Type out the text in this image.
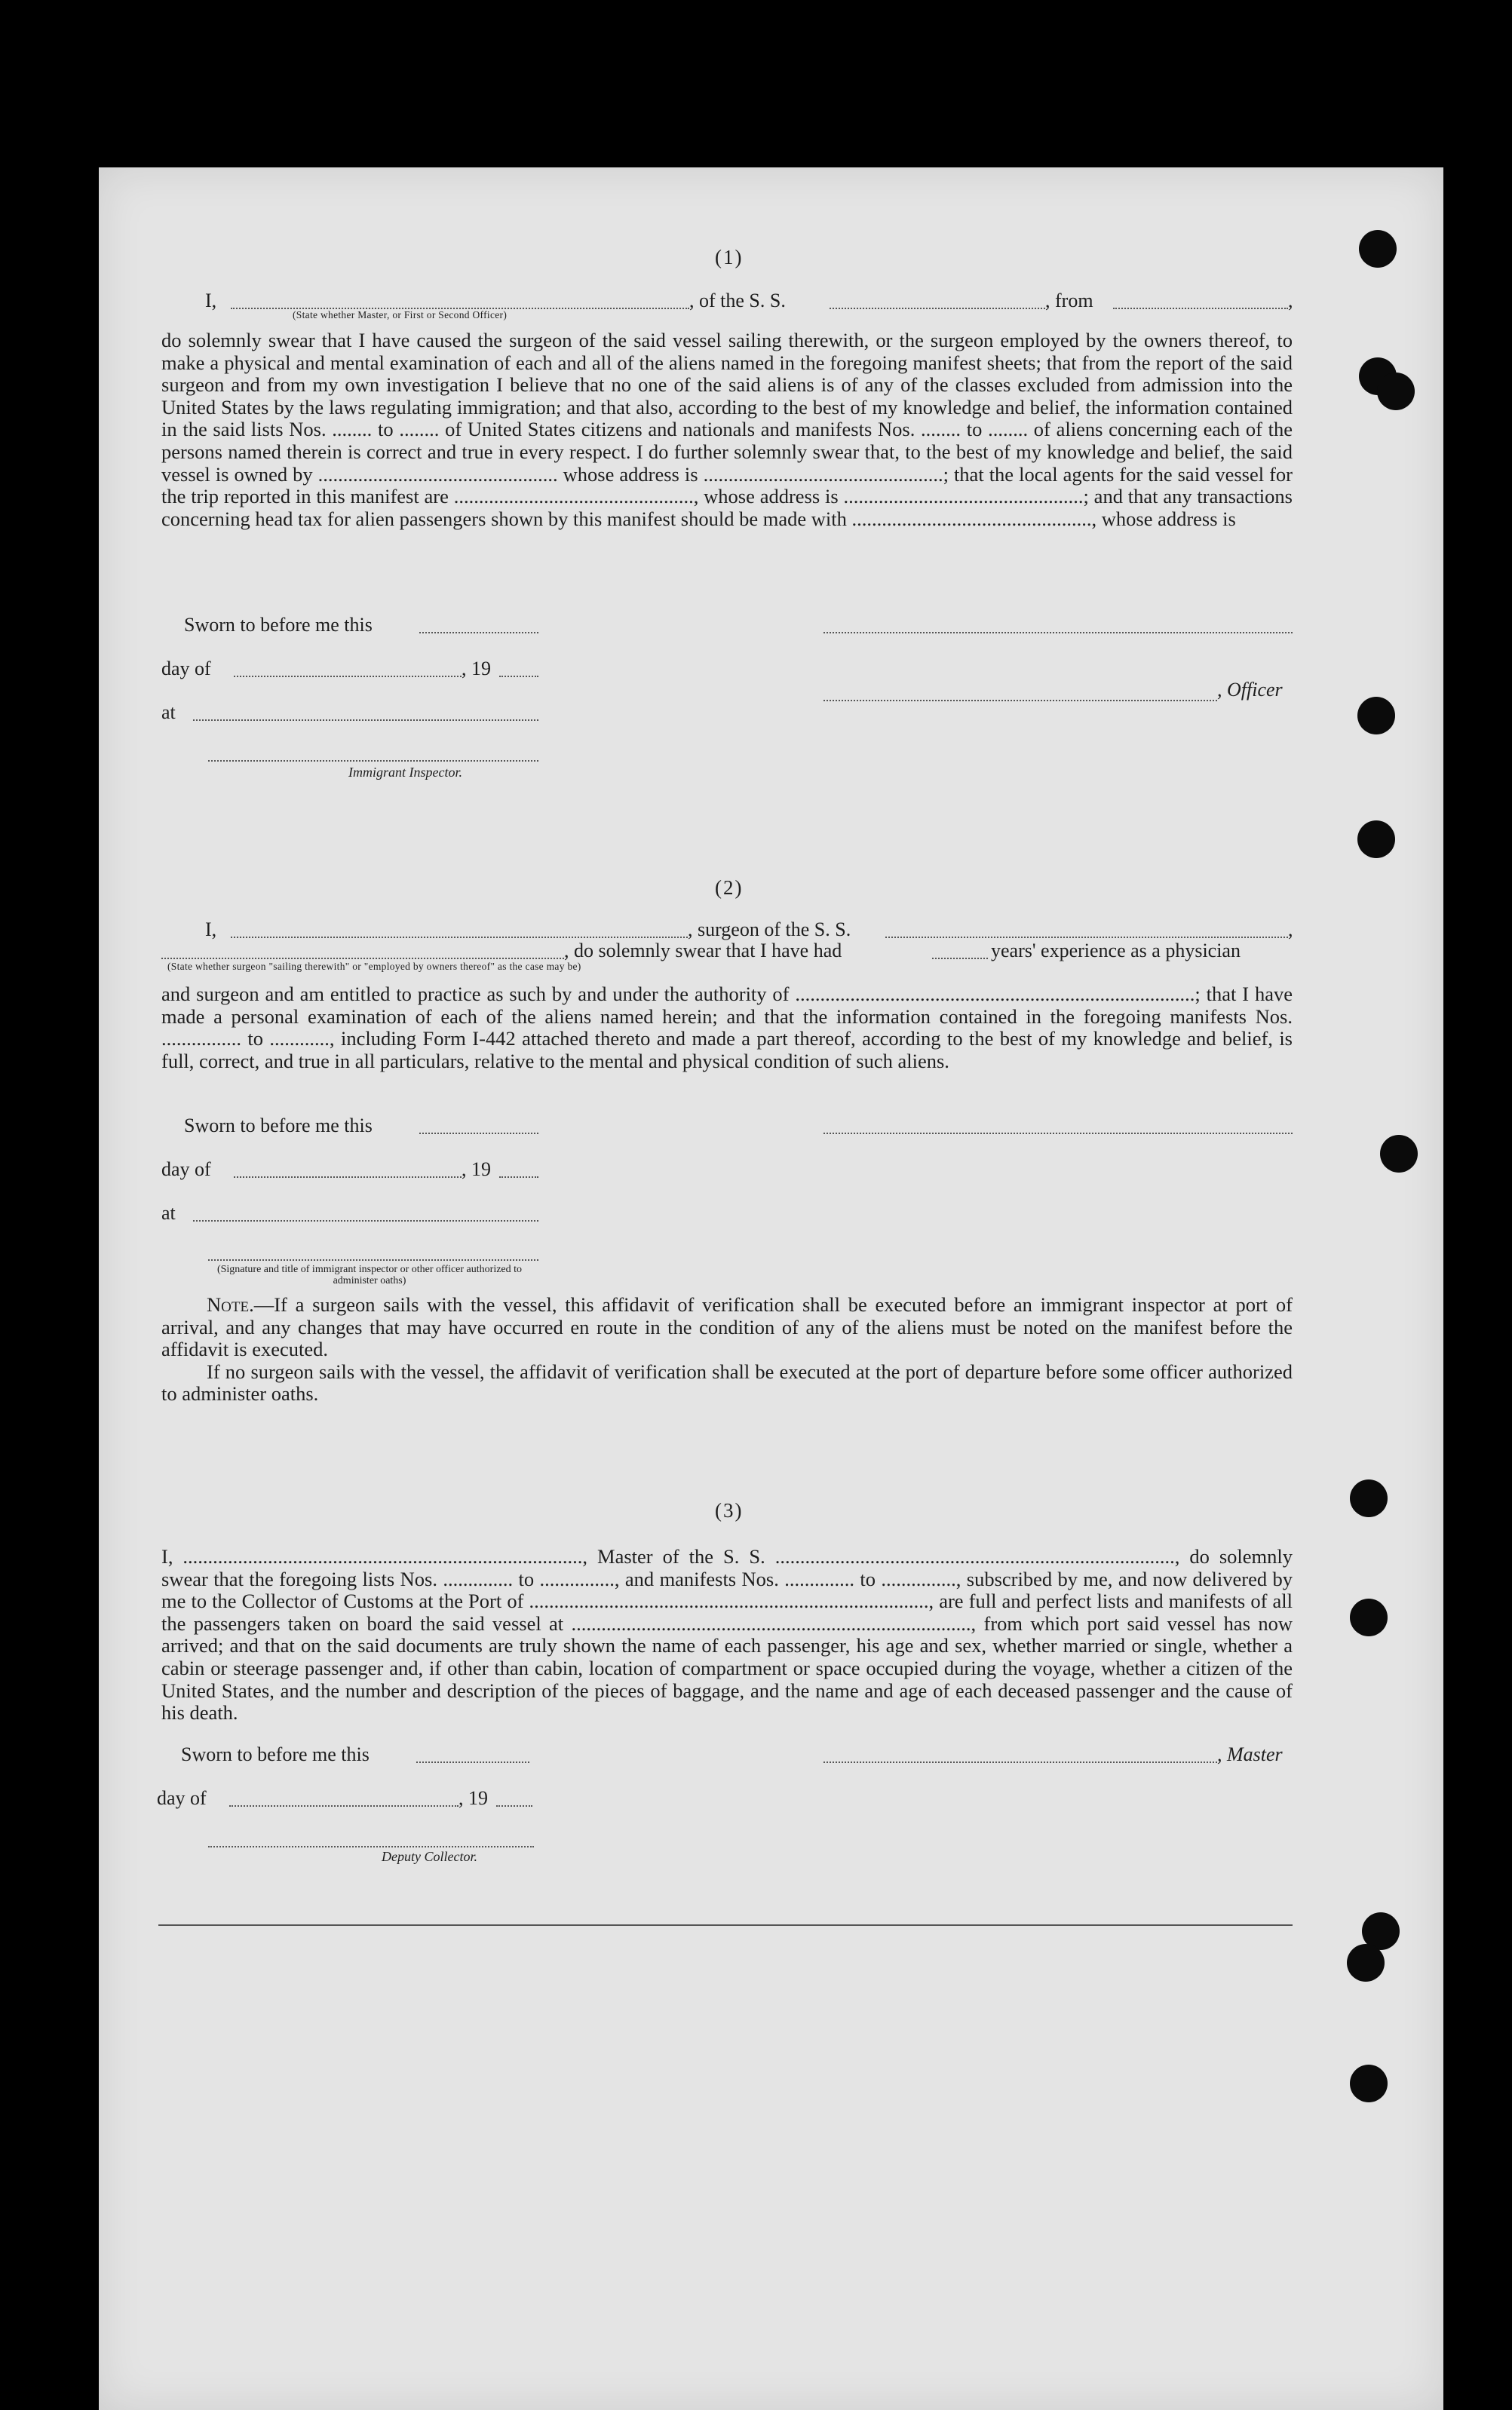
(1)
I,	, of the S. S.	, from	,
(State whether Master, or First or Second Officer)
do solemnly swear that I have caused the surgeon of the said vessel sailing therewith, or the surgeon employed by the owners thereof, to make a physical and mental examination of each and all of the aliens named in the foregoing manifest sheets; that from the report of the said surgeon and from my own investigation I believe that no one of the said aliens is of any of the classes excluded from admission into the United States by the laws regulating immigration; and that also, according to the best of my knowledge and belief, the information contained in the said lists Nos. ........ to ........ of United States citizens and nationals and manifests Nos. ........ to ........ of aliens concerning each of the persons named therein is correct and true in every respect. I do further solemnly swear that, to the best of my knowledge and belief, the said vessel is owned by ................................................ whose address is ................................................; that the local agents for the said vessel for the trip reported in this manifest are ................................................, whose address is ................................................; and that any transactions concerning head tax for alien passengers shown by this manifest should be made with ................................................, whose address is
Sworn to before me this
day of	, 19
, Officer
at
Immigrant Inspector.
(2)
I,	, surgeon of the S. S.	,
, do solemnly swear that I have had	years' experience as a physician
(State whether surgeon "sailing therewith" or "employed by owners thereof" as the case may be)
and surgeon and am entitled to practice as such by and under the authority of ................................................................................; that I have made a personal examination of each of the aliens named herein; and that the information contained in the foregoing manifests Nos. ................ to ............, including Form I-442 attached thereto and made a part thereof, according to the best of my knowledge and belief, is full, correct, and true in all particulars, relative to the mental and physical condition of such aliens.
Sworn to before me this
day of	, 19
at
(Signature and title of immigrant inspector or other officer authorized to administer oaths)
Note.—If a surgeon sails with the vessel, this affidavit of verification shall be executed before an immigrant inspector at port of arrival, and any changes that may have occurred en route in the condition of any of the aliens must be noted on the manifest before the affidavit is executed.
If no surgeon sails with the vessel, the affidavit of verification shall be executed at the port of departure before some officer authorized to administer oaths.
(3)
I, ................................................................................, Master of the S. S. ................................................................................, do solemnly swear that the foregoing lists Nos. .............. to ..............., and manifests Nos. .............. to ..............., subscribed by me, and now delivered by me to the Collector of Customs at the Port of ................................................................................, are full and perfect lists and manifests of all the passengers taken on board the said vessel at ................................................................................, from which port said vessel has now arrived; and that on the said documents are truly shown the name of each passenger, his age and sex, whether married or single, whether a cabin or steerage passenger and, if other than cabin, location of compartment or space occupied during the voyage, whether a citizen of the United States, and the number and description of the pieces of baggage, and the name and age of each deceased passenger and the cause of his death.
Sworn to before me this	, Master
day of	, 19
Deputy Collector.
